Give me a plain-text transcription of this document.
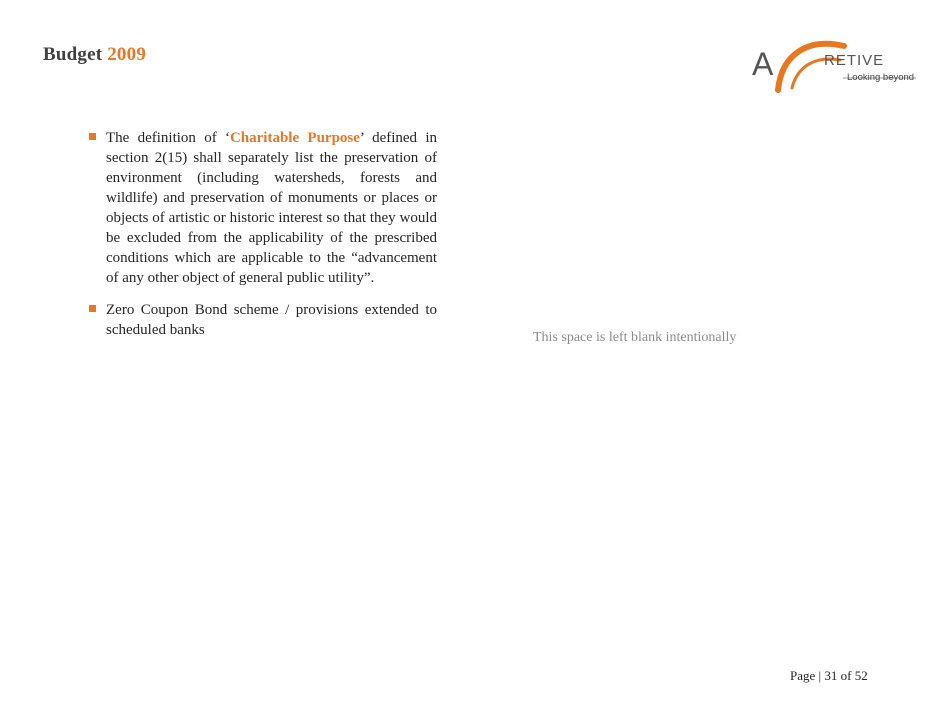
Budget 2009	A	RETIVE
Looking beyond
The definition of ‘Charitable Purpose’ defined in section 2(15) shall separately list the preservation of environment (including watersheds, forests and wildlife) and preservation of monuments or places or objects of artistic or historic interest so that they would be excluded from the applicability of the prescribed conditions which are applicable to the “advancement of any other object of general public utility”.
Zero Coupon Bond scheme / provisions extended to scheduled banks	This space is left blank intentionally
Page | 31 of 52
